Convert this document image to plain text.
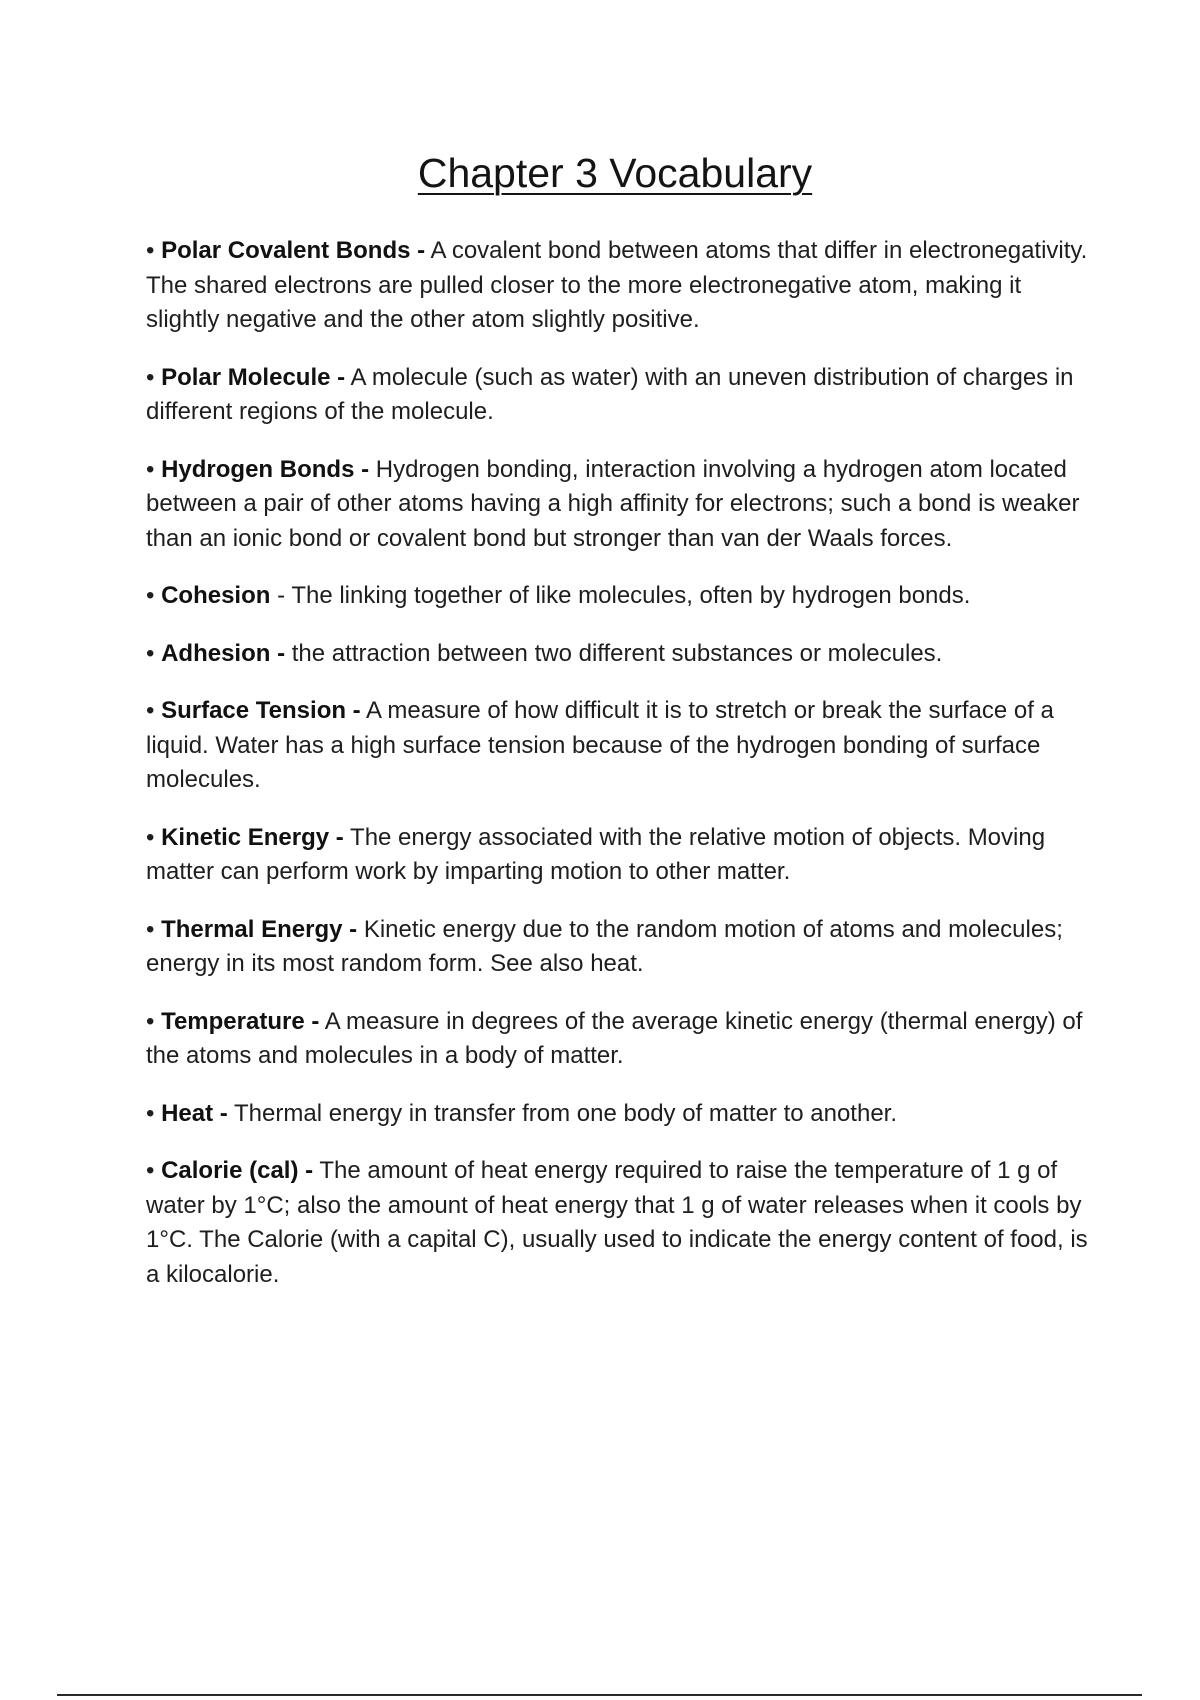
Chapter 3 Vocabulary

• Polar Covalent Bonds - A covalent bond between atoms that differ in electronegativity. The shared electrons are pulled closer to the more electronegative atom, making it slightly negative and the other atom slightly positive.

• Polar Molecule - A molecule (such as water) with an uneven distribution of charges in different regions of the molecule.

• Hydrogen Bonds - Hydrogen bonding, interaction involving a hydrogen atom located between a pair of other atoms having a high affinity for electrons; such a bond is weaker than an ionic bond or covalent bond but stronger than van der Waals forces.

• Cohesion - The linking together of like molecules, often by hydrogen bonds.

• Adhesion - the attraction between two different substances or molecules.

• Surface Tension - A measure of how difficult it is to stretch or break the surface of a liquid. Water has a high surface tension because of the hydrogen bonding of surface molecules.

• Kinetic Energy - The energy associated with the relative motion of objects. Moving matter can perform work by imparting motion to other matter.

• Thermal Energy - Kinetic energy due to the random motion of atoms and molecules; energy in its most random form. See also heat.

• Temperature - A measure in degrees of the average kinetic energy (thermal energy) of the atoms and molecules in a body of matter.

• Heat - Thermal energy in transfer from one body of matter to another.

• Calorie (cal) - The amount of heat energy required to raise the temperature of 1 g of water by 1°C; also the amount of heat energy that 1 g of water releases when it cools by 1°C. The Calorie (with a capital C), usually used to indicate the energy content of food, is a kilocalorie.
